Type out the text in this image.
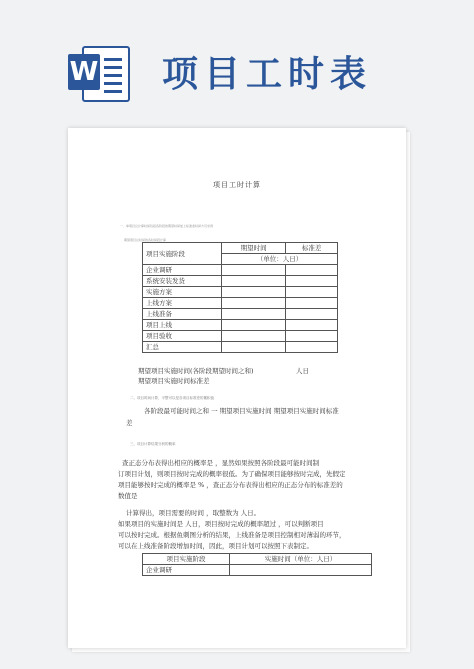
W 项目工时表
项目工时计算
一、单项目总计算时间包括各阶段的期望时间加上标准差时间方可求得
期望项目总时间的各时间段计算
项目实施阶段	期望时间	标准差
	（单位：人日）	
企业调研		
系统安装发货		
实施方案		
上线方案		
上线准备		
项目上线		
项目验收		
汇总		
期望项目实施时间(各阶段期望时间之和)	人日
期望项目实施时间标准差
二、项目时间计算，平整可以是各项目标准差的累积值
各阶段最可能时间之和 一 期望项目实施时间 期望项目实施时间标准
差
三、项目计算结果分析的概率
查正态分布表得出相应的概率是 ，显然如果按照各阶段最可能时间制
订项目计划，则项目按时完成的概率很低。为了确保项目能够按时完成，先假定
项目能够按时完成的概率是 % ，查正态分布表得出相应的正态分布的标准差的
数值是
计算得出，项目需要的时间 ，取整数为 人日。
如果项目的实施时间是 人日，项目按时完成的概率超过 ，可以判断项目
可以按时完成。根据鱼刺图分析的结果，上线准备是项目控制相对薄弱的环节，
可以在上线准备阶段增加时间，因此，项目计划可以按照下表制定。
项目实施阶段	实施时间（单位：人日）
企业调研	
